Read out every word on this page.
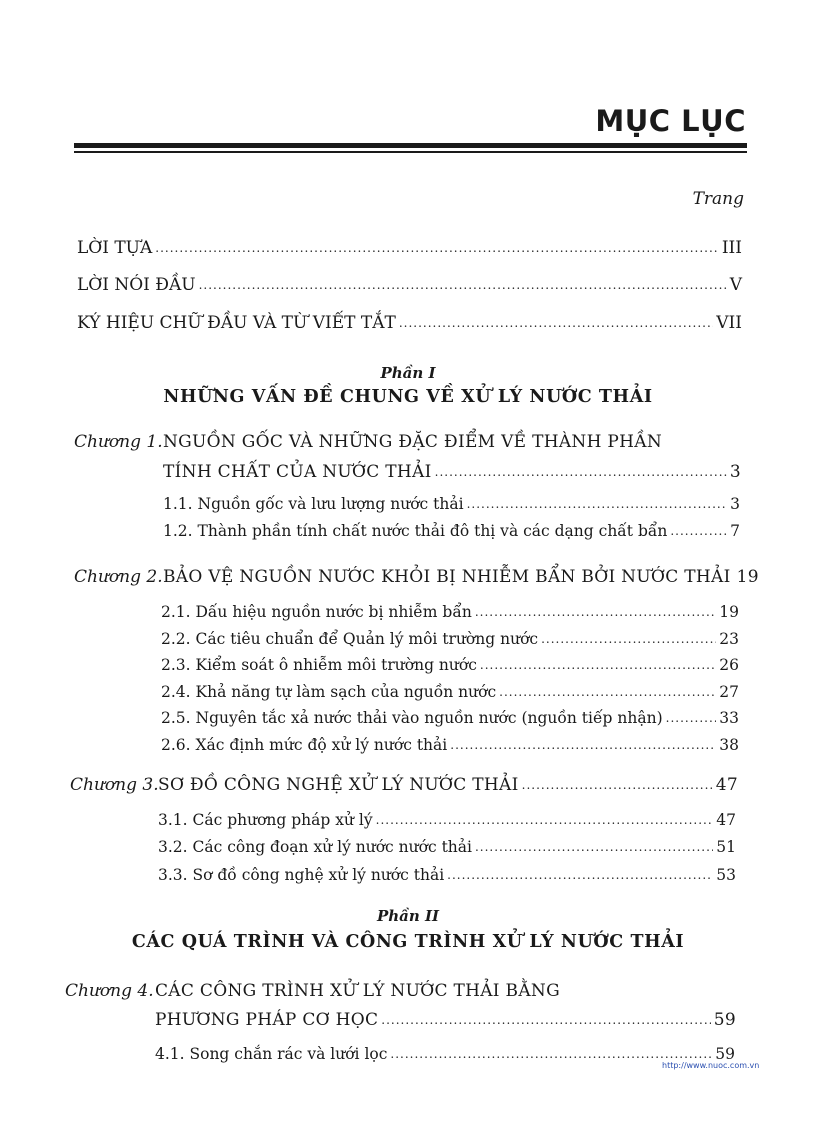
MỤC LỤC
Trang
LỜI TỰA .....	III
LỜI NÓI ĐẦU .....	V
KÝ HIỆU CHỮ ĐẦU VÀ TỪ VIẾT TẮT .....	VII
Phần I
NHỮNG VẤN ĐỀ CHUNG VỀ XỬ LÝ NƯỚC THẢI
Chương 1. NGUỒN GỐC VÀ NHỮNG ĐẶC ĐIỂM VỀ THÀNH PHẦN
TÍNH CHẤT CỦA NƯỚC THẢI .....	3
1.1. Nguồn gốc và lưu lượng nước thải .....	3
1.2. Thành phần tính chất nước thải đô thị và các dạng chất bẩn .....	7
Chương 2. BẢO VỆ NGUỒN NƯỚC KHỎI BỊ NHIỄM BẨN BỞI NƯỚC THẢI 19
2.1. Dấu hiệu nguồn nước bị nhiễm bẩn .....	19
2.2. Các tiêu chuẩn để Quản lý môi trường nước .....	23
2.3. Kiểm soát ô nhiễm môi trường nước .....	26
2.4. Khả năng tự làm sạch của nguồn nước .....	27
2.5. Nguyên tắc xả nước thải vào nguồn nước (nguồn tiếp nhận) .....	33
2.6. Xác định mức độ xử lý nước thải .....	38
Chương 3. SƠ ĐỒ CÔNG NGHỆ XỬ LÝ NƯỚC THẢI .....	47
3.1. Các phương pháp xử lý .....	47
3.2. Các công đoạn xử lý nước nước thải .....	51
3.3. Sơ đồ công nghệ xử lý nước thải .....	53
Phần II
CÁC QUÁ TRÌNH VÀ CÔNG TRÌNH XỬ LÝ NƯỚC THẢI
Chương 4. CÁC CÔNG TRÌNH XỬ LÝ NƯỚC THẢI BẰNG
PHƯƠNG PHÁP CƠ HỌC .....	59
4.1. Song chắn rác và lưới lọc .....	59
http://www.nuoc.com.vn
